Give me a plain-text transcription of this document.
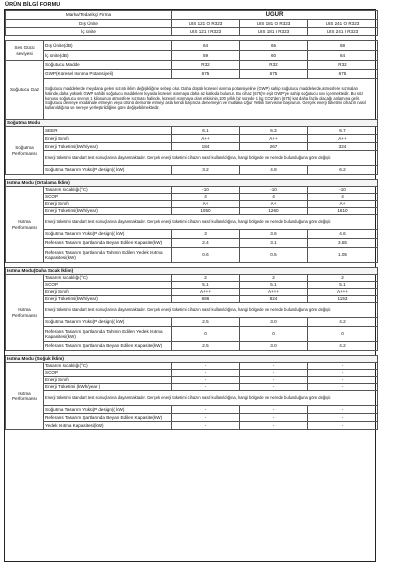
ÜRÜN BİLGİ FORMU
Marka/Tedarikçi Firma		UĞUR		
Dış Ünite		UIS 121 O R323	UIS 181 O R323	UIS 241 O R323
İç ünite		UIS 121 I R323	UIS 181 I R323	UIS 241 I R323

Ses Gücü seviyesi	Dış Ünite(dB)	64	65	68
	İç ünite(dB)	59	60	64
Soğutucu Gaz	Soğutucu Madde	R32	R32	R32
	GWP(Küresel Isınma Potansiyeli)	675	675	675
	Soğutucu maddelerde meydana gelen sızıntı iklim değişikliğine sebep olur. Daha düşük küresel ısınma potansiyeline (GWP) sahip soğutucu maddelerde,atmosfere sızmaları halinde,daha yüksek GWP sahibi soğutucu maddelere kıyasla küresel ısınmaya daha az katkıda bulunur. Bu cihaz (675)'e eşit GWP'ye sahip soğutucu sıvı içermektedir. Bu söz konusu soğutucu sıvının 1 kilosunun atmosfere sızması halinde, küresel ısınmaya olan etkisinin,100 yıllık bir sürede 1 kg CO2'den (675) kat daha fazla olacağı anlamına gelir. Soğutucu devreye müdahale etmeyin veya ürünü demonte etmeyi asla kendi başınıza denemeyin ve mutlaka Uğur Yetkili Servisine başvurun. Gerçek enerji tüketimi cihazın nasıl kullanıldığına ve nereye yerleştirildiğine göre değişebilmektedir.			
Soğutma Modu				
Soğutma Performansı	SEER	6.1	6.3	6.7
	Enerji Sınıfı	A++	A++	A++
	Enerji Tüketimi(kWh/year)	184	267	324
	Enerji tüketimi standart test sonuçlarına dayanmaktadır. Gerçek enerji tüketimi cihazın nasıl kullanıldığına, hangi bölgede ve nerede bulunduğuna göre değişir.			
	Soğutma Tasarım Yükü(P design)( kW)	3.2	4.8	6.2

Isıtma Modu (Ortalama İklim)				
Isıtma Performansı	Tasarım sıcaklığı(°C)	-10	-10	-10
	SCOP	4	4	4
	Enerji Sınıfı	A+	A+	A+
	Enerji Tüketimi(kWh/year)	1050	1260	1610
	Enerji tüketimi standart test sonuçlarına dayanmaktadır. Gerçek enerji tüketimi cihazın nasıl kullanıldığına, hangi bölgede ve nerede bulunduğuna göre değişir.			
	Soğutma Tasarım Yükü(P design)( kW)	3	3.6	4.6
	Referans Tasarım Şartlarında Beyan Edilen Kapasite(kW)	2.4	3.1	3.55
	Referans Tasarım Şartlarında Tahmin Edilen Yedek Isıtma Kapasitesi(kW)	0.6	0.5	1.05

Isıtma Modu(Daha Sıcak İklim)				
Isıtma Performansı	Tasarım sıcaklığı(°C)	2	2	2
	SCOP	5.1	5.1	5.1
	Enerji Sınıfı	A+++	A+++	A+++
	Enerji Tüketimi(kWh/year)	686	824	1153
	Enerji tüketimi standart test sonuçlarına dayanmaktadır. Gerçek enerji tüketimi cihazın nasıl kullanıldığına, hangi bölgede ve nerede bulunduğuna göre değişir.			
	Soğutma Tasarım Yükü(P design)( kW)	2.5	3.0	4.2
	Referans Tasarım Şartlarında Tahmin Edilen Yedek Isıtma Kapasitesi(kW)	0	0	0
	Referans Tasarım Şartlarında Beyan Edilen Kapasite(kW)	2.5	3.0	4.2

Isıtma Modu (Soğuk İklim)				
Isıtma Performansı	Tasarım sıcaklığı(°C)	-	-	-
	SCOP	-	-	-
	Enerji Sınıfı	-	-	-
	Enerji Tüketimi (kWh/year )	-	-	-
	Enerji tüketimi standart test sonuçlarına dayanmaktadır. Gerçek enerji tüketimi cihazın nasıl kullanıldığına, hangi bölgede ve nerede bulunduğuna göre değişir.			
	Soğutma Tasarım Yükü(P design)( kW)	-	-	-
	Referans Tasarım Şartlarında Beyan Edilen Kapasite(kW)	-	-	-
	Yedek Isıtma Kapasitesi(kW)	-	-	-
